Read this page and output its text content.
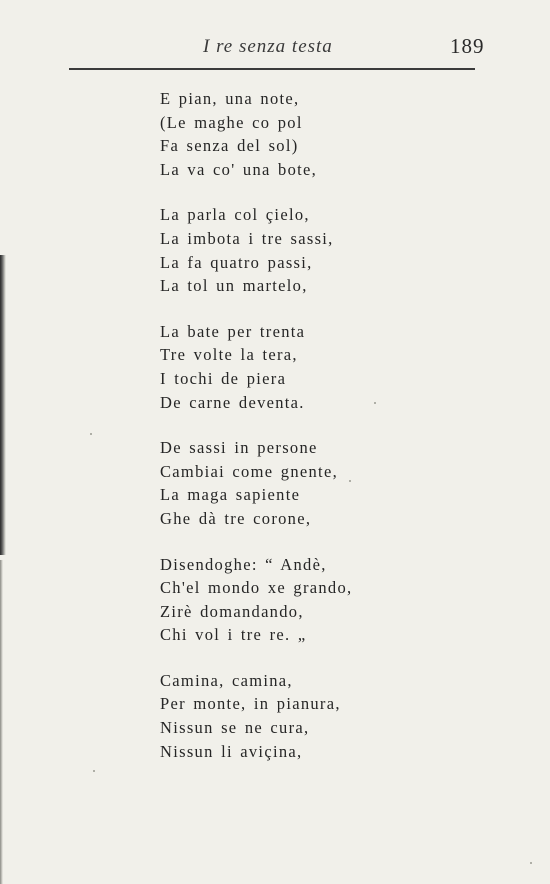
I re senza testa	189
E pian, una note,
(Le maghe co pol
Fa senza del sol)
La va co' una bote,
La parla col çielo,
La imbota i tre sassi,
La fa quatro passi,
La tol un martelo,
La bate per trenta
Tre volte la tera,
I tochi de piera
De carne deventa.
De sassi in persone
Cambiai come gnente,
La maga sapiente
Ghe dà tre corone,
Disendoghe: “ Andè,
Ch'el mondo xe grando,
Zirè domandando,
Chi vol i tre re. „
Camina, camina,
Per monte, in pianura,
Nissun se ne cura,
Nissun li aviçina,
